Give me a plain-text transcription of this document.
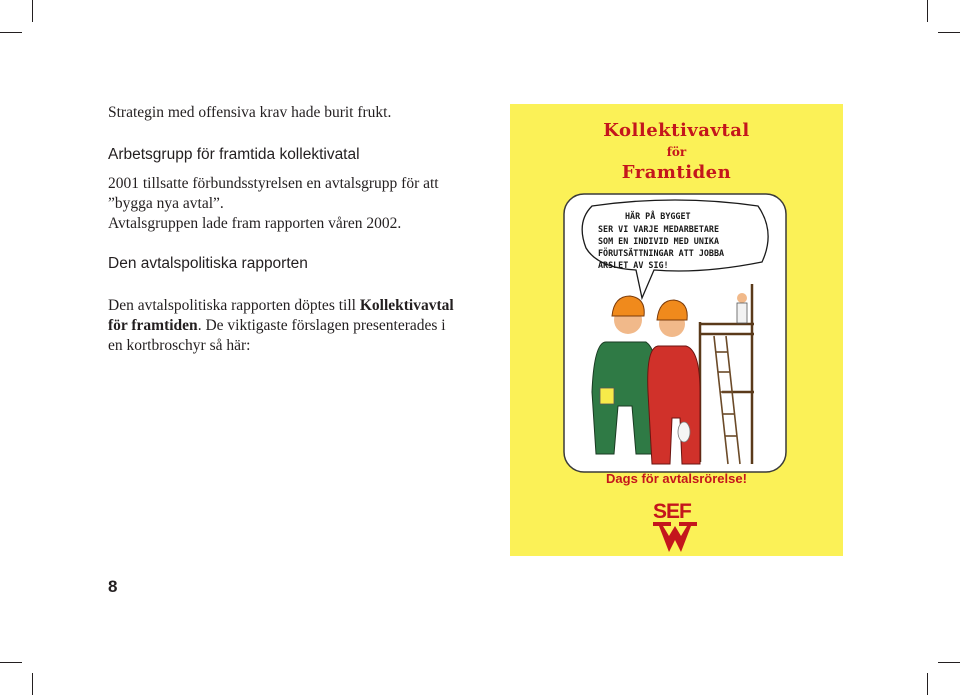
Strategin med offensiva krav hade burit frukt.

Arbetsgrupp för framtida kollektivatal

2001 tillsatte förbundsstyrelsen en avtalsgrupp för att

”bygga nya avtal”.

Avtalsgruppen lade fram rapporten våren 2002.

Den avtalspolitiska rapporten

Den avtalspolitiska rapporten döptes till Kollektivavtal

för framtiden. De viktigaste förslagen presenterades i

en kortbroschyr så här:

Kollektivavtal

för

Framtiden

HÄR PÅ BYGGET
SER VI VARJE MEDARBETARE
SOM EN INDIVID MED UNIKA
FÖRUTSÄTTNINGAR ATT JOBBA
ARSLET AV SIG!

Dags för avtalsrörelse!

SEF

8
